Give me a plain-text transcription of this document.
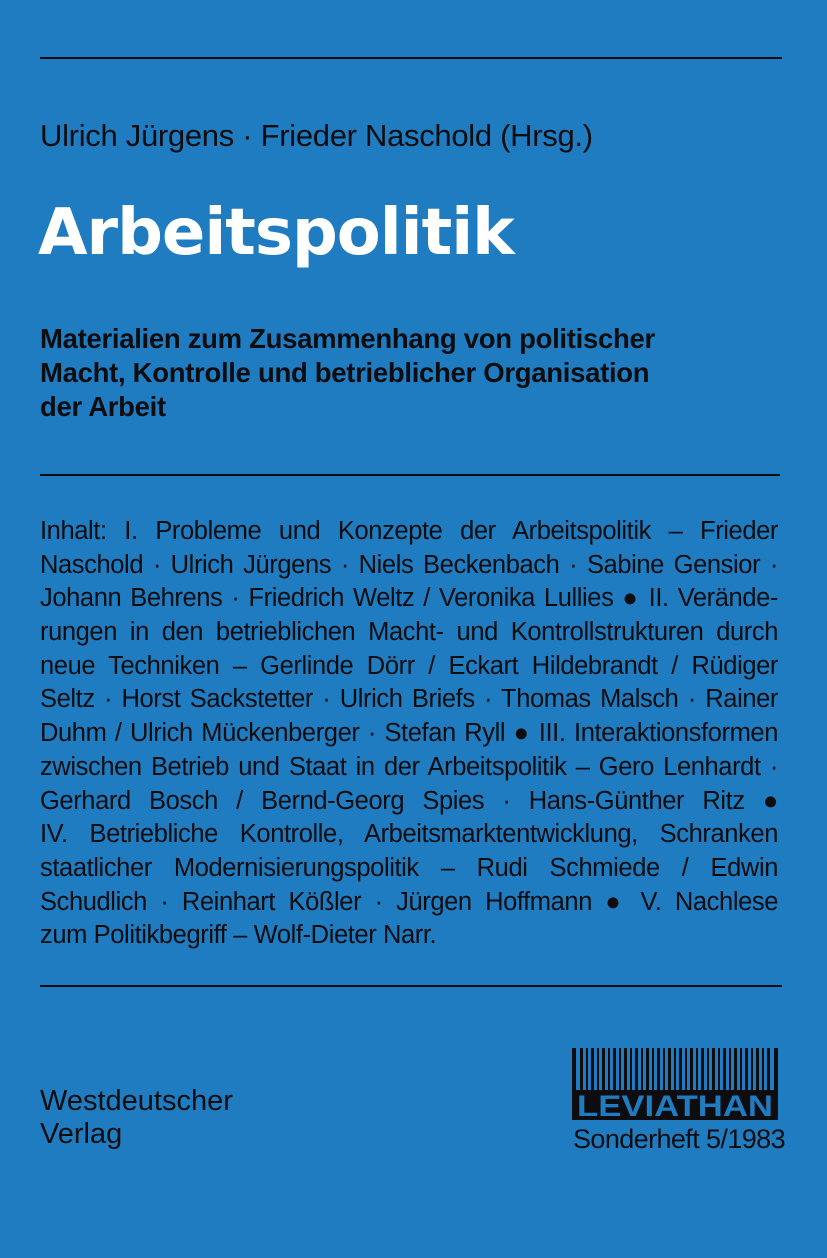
Ulrich Jürgens · Frieder Naschold (Hrsg.)
Arbeitspolitik
Materialien zum Zusammenhang von politischer
Macht, Kontrolle und betrieblicher Organisation
der Arbeit
Inhalt: I. Probleme und Konzepte der Arbeitspolitik – Frieder
Naschold · Ulrich Jürgens · Niels Beckenbach · Sabine Gensior ·
Johann Behrens · Friedrich Weltz / Veronika Lullies ● II. Verände-
rungen in den betrieblichen Macht- und Kontrollstrukturen durch
neue Techniken – Gerlinde Dörr / Eckart Hildebrandt / Rüdiger
Seltz · Horst Sackstetter · Ulrich Briefs · Thomas Malsch · Rainer
Duhm / Ulrich Mückenberger · Stefan Ryll ● III. Interaktionsformen
zwischen Betrieb und Staat in der Arbeitspolitik – Gero Lenhardt ·
Gerhard Bosch / Bernd-Georg Spies · Hans-Günther Ritz ●
IV. Betriebliche Kontrolle, Arbeitsmarktentwicklung, Schranken
staatlicher Modernisierungspolitik – Rudi Schmiede / Edwin
Schudlich · Reinhart Kößler · Jürgen Hoffmann ● V. Nachlese
zum Politikbegriff – Wolf-Dieter Narr.
Westdeutscher
Verlag
LEVIATHAN
Sonderheft 5/1983
